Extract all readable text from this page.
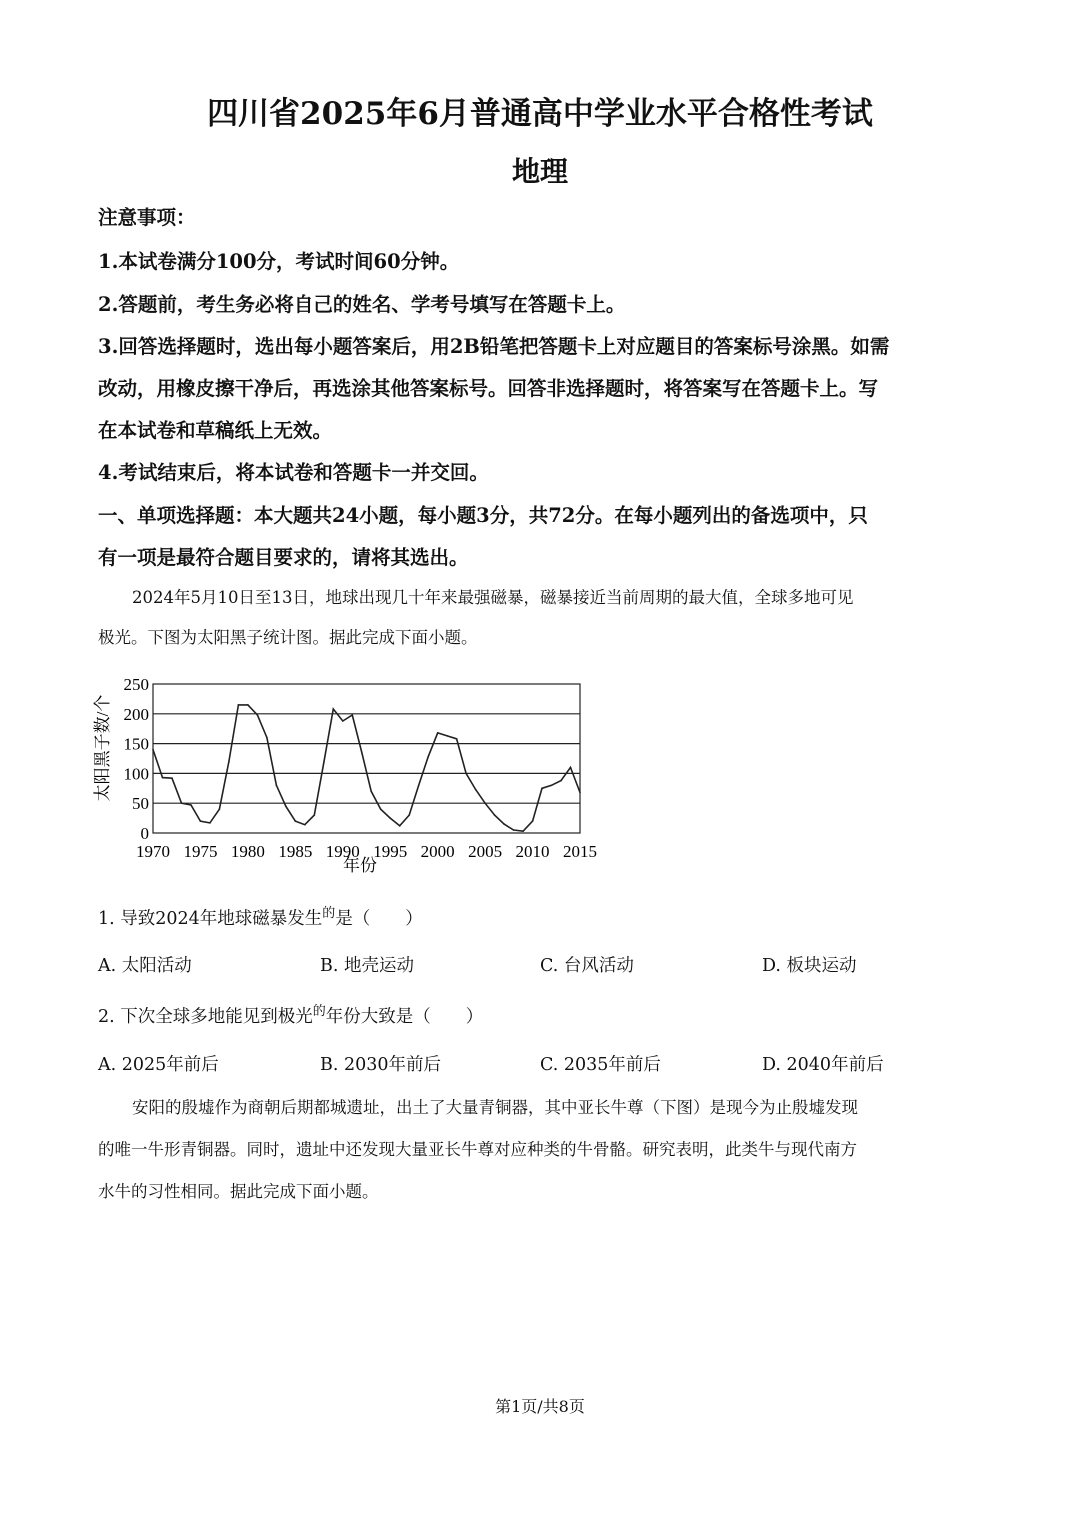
四川省2025年6月普通高中学业水平合格性考试
地理
注意事项：
1.本试卷满分100分，考试时间60分钟。
2.答题前，考生务必将自己的姓名、学考号填写在答题卡上。
3.回答选择题时，选出每小题答案后，用2B铅笔把答题卡上对应题目的答案标号涂黑。如需
改动，用橡皮擦干净后，再选涂其他答案标号。回答非选择题时，将答案写在答题卡上。写
在本试卷和草稿纸上无效。
4.考试结束后，将本试卷和答题卡一并交回。
一、单项选择题：本大题共24小题，每小题3分，共72分。在每小题列出的备选项中，只
有一项是最符合题目要求的，请将其选出。
2024年5月10日至13日，地球出现几十年来最强磁暴，磁暴接近当前周期的最大值，全球多地可见
极光。下图为太阳黑子统计图。据此完成下面小题。
0
50
100
150
200
250
1970 1975 1980 1985 1990 1995 2000 2005 2010 2015
太阳黑子数/个
年份
1. 导致2024年地球磁暴发生$^的$是（　　）
A. 太阳活动	B. 地壳运动	C. 台风活动	D. 板块运动
2. 下次全球多地能见到极光$^的$年份大致是（　　）
A. 2025年前后	B. 2030年前后	C. 2035年前后	D. 2040年前后
安阳的殷墟作为商朝后期都城遗址，出土了大量青铜器，其中亚长牛尊（下图）是现今为止殷墟发现
的唯一牛形青铜器。同时，遗址中还发现大量亚长牛尊对应种类的牛骨骼。研究表明，此类牛与现代南方
水牛的习性相同。据此完成下面小题。
第1页/共8页
